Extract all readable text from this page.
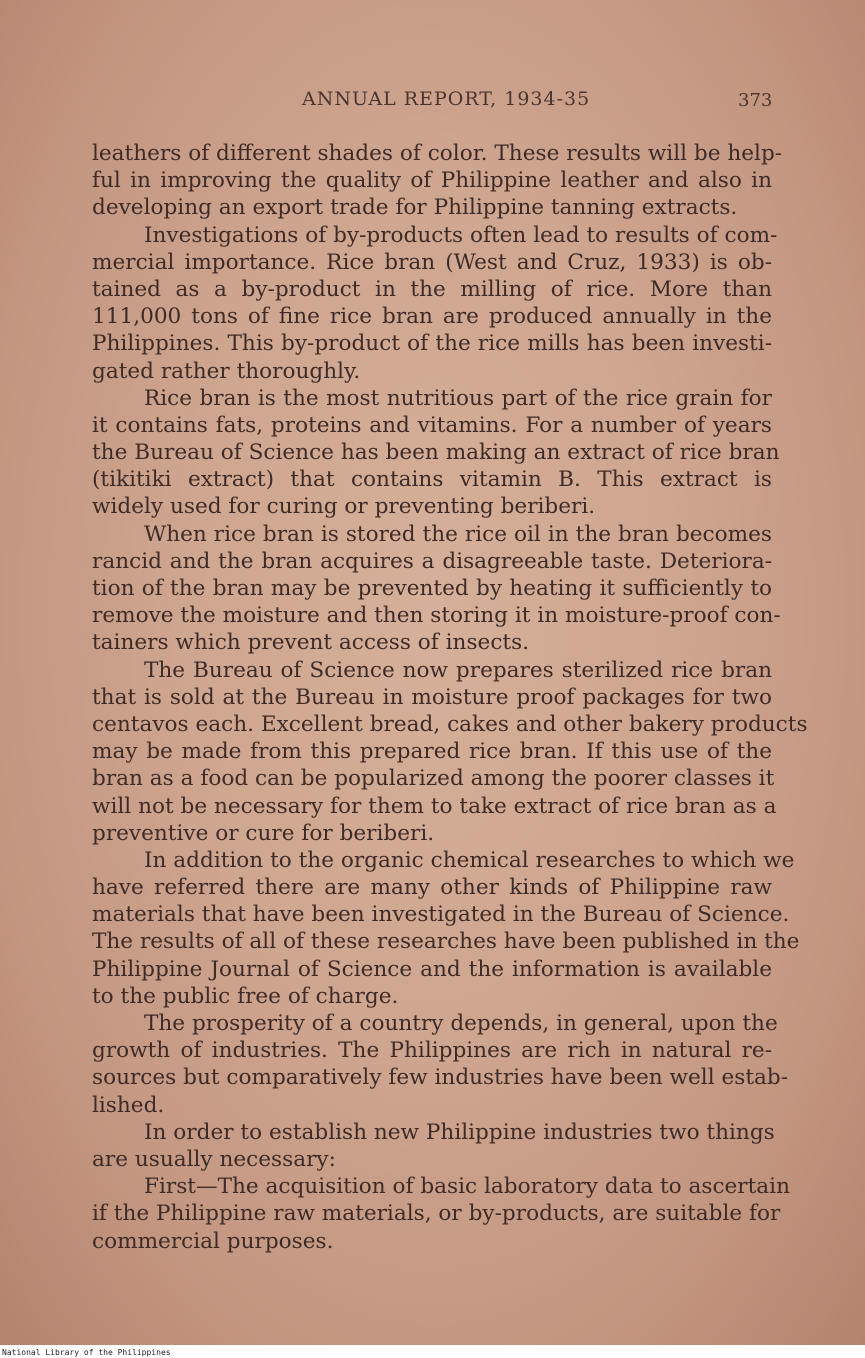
ANNUAL REPORT, 1934-35	373
leathers of different shades of color. These results will be help-
ful in improving the quality of Philippine leather and also in
developing an export trade for Philippine tanning extracts.
Investigations of by-products often lead to results of com-
mercial importance. Rice bran (West and Cruz, 1933) is ob-
tained as a by-product in the milling of rice. More than
111,000 tons of fine rice bran are produced annually in the
Philippines. This by-product of the rice mills has been investi-
gated rather thoroughly.
Rice bran is the most nutritious part of the rice grain for
it contains fats, proteins and vitamins. For a number of years
the Bureau of Science has been making an extract of rice bran
(tikitiki extract) that contains vitamin B. This extract is
widely used for curing or preventing beriberi.
When rice bran is stored the rice oil in the bran becomes
rancid and the bran acquires a disagreeable taste. Deteriora-
tion of the bran may be prevented by heating it sufficiently to
remove the moisture and then storing it in moisture-proof con-
tainers which prevent access of insects.
The Bureau of Science now prepares sterilized rice bran
that is sold at the Bureau in moisture proof packages for two
centavos each. Excellent bread, cakes and other bakery products
may be made from this prepared rice bran. If this use of the
bran as a food can be popularized among the poorer classes it
will not be necessary for them to take extract of rice bran as a
preventive or cure for beriberi.
In addition to the organic chemical researches to which we
have referred there are many other kinds of Philippine raw
materials that have been investigated in the Bureau of Science.
The results of all of these researches have been published in the
Philippine Journal of Science and the information is available
to the public free of charge.
The prosperity of a country depends, in general, upon the
growth of industries. The Philippines are rich in natural re-
sources but comparatively few industries have been well estab-
lished.
In order to establish new Philippine industries two things
are usually necessary:
First—The acquisition of basic laboratory data to ascertain
if the Philippine raw materials, or by-products, are suitable for
commercial purposes.
National Library of the Philippines
